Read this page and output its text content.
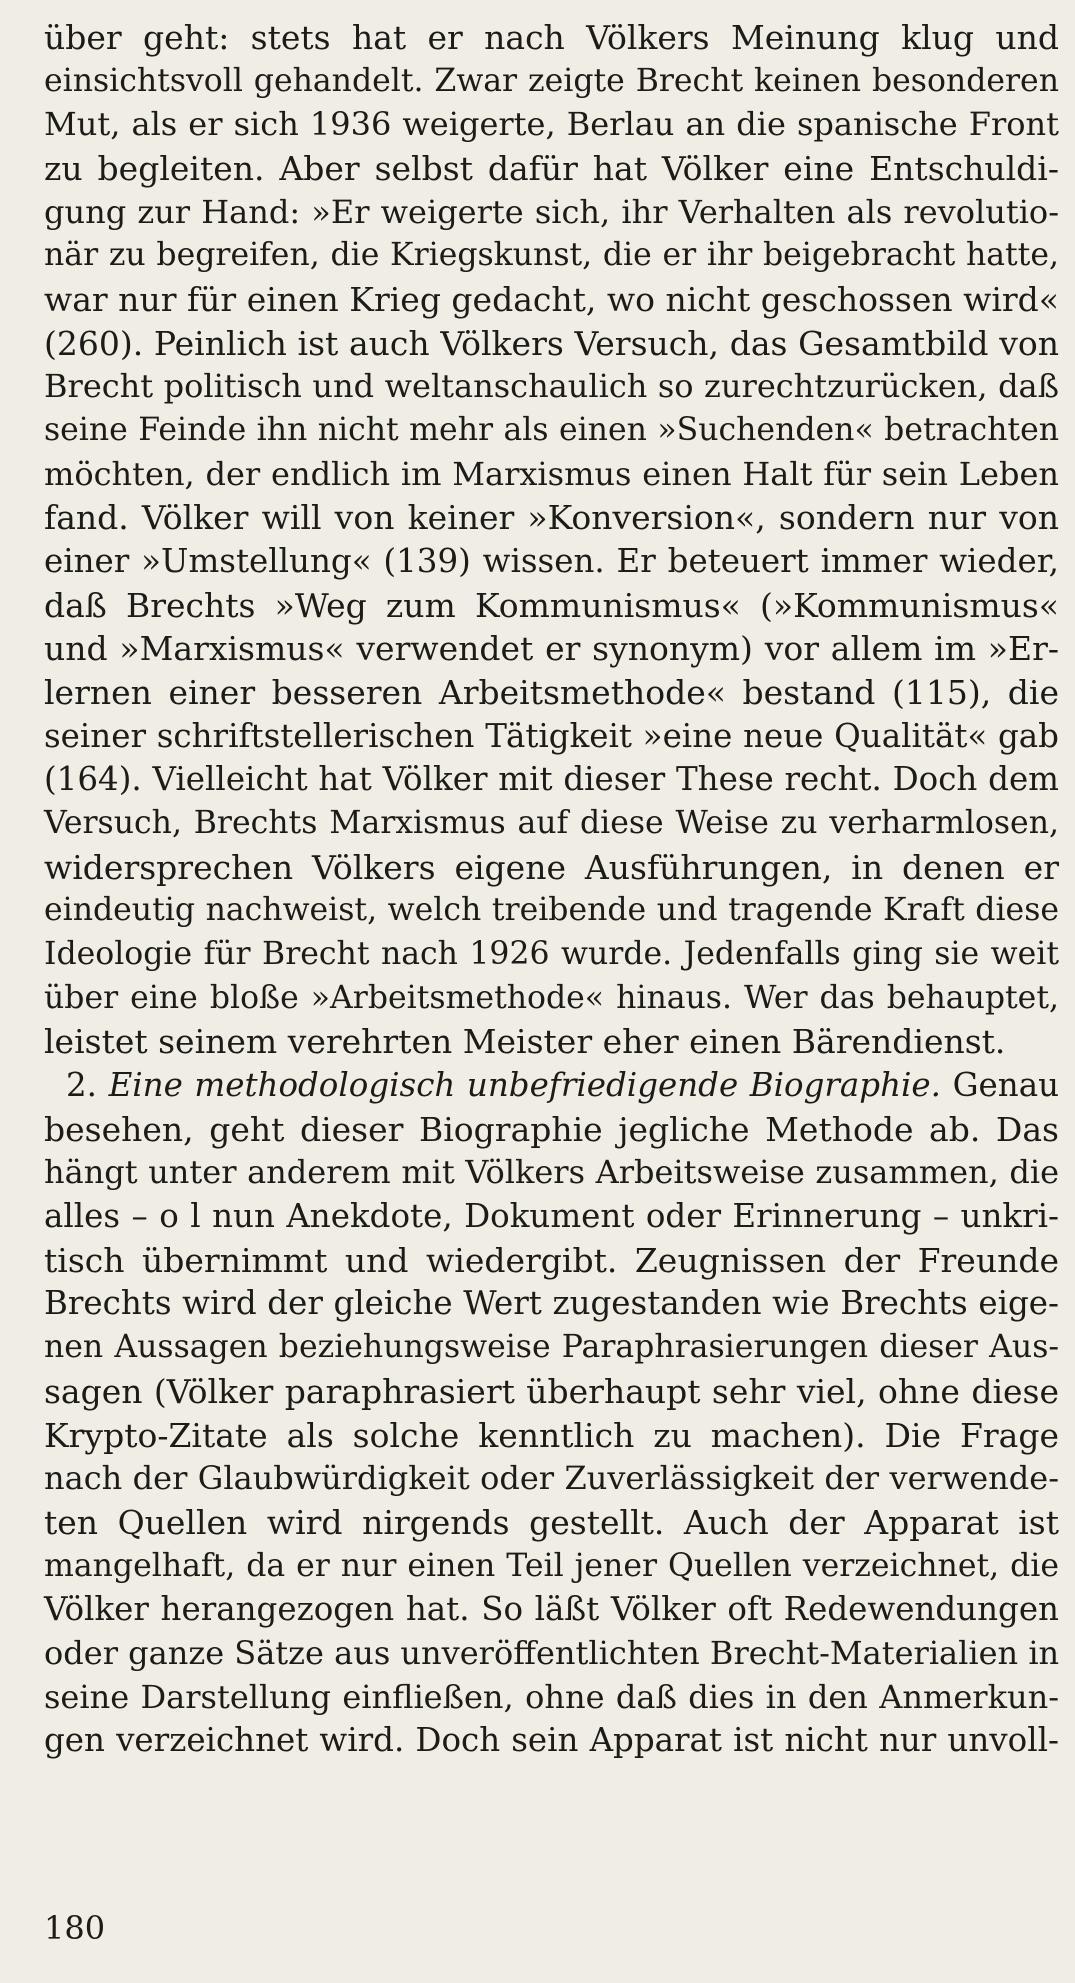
über geht: stets hat er nach Völkers Meinung klug und
einsichtsvoll gehandelt. Zwar zeigte Brecht keinen besonderen
Mut, als er sich 1936 weigerte, Berlau an die spanische Front
zu begleiten. Aber selbst dafür hat Völker eine Entschuldi-
gung zur Hand: »Er weigerte sich, ihr Verhalten als revolutio-
när zu begreifen, die Kriegskunst, die er ihr beigebracht hatte,
war nur für einen Krieg gedacht, wo nicht geschossen wird«
(260). Peinlich ist auch Völkers Versuch, das Gesamtbild von
Brecht politisch und weltanschaulich so zurechtzurücken, daß
seine Feinde ihn nicht mehr als einen »Suchenden« betrachten
möchten, der endlich im Marxismus einen Halt für sein Leben
fand. Völker will von keiner »Konversion«, sondern nur von
einer »Umstellung« (139) wissen. Er beteuert immer wieder,
daß Brechts »Weg zum Kommunismus« (»Kommunismus«
und »Marxismus« verwendet er synonym) vor allem im »Er-
lernen einer besseren Arbeitsmethode« bestand (115), die
seiner schriftstellerischen Tätigkeit »eine neue Qualität« gab
(164). Vielleicht hat Völker mit dieser These recht. Doch dem
Versuch, Brechts Marxismus auf diese Weise zu verharmlosen,
widersprechen Völkers eigene Ausführungen, in denen er
eindeutig nachweist, welch treibende und tragende Kraft diese
Ideologie für Brecht nach 1926 wurde. Jedenfalls ging sie weit
über eine bloße »Arbeitsmethode« hinaus. Wer das behauptet,
leistet seinem verehrten Meister eher einen Bärendienst.
2. Eine methodologisch unbefriedigende Biographie. Genau
besehen, geht dieser Biographie jegliche Methode ab. Das
hängt unter anderem mit Völkers Arbeitsweise zusammen, die
alles – o l nun Anekdote, Dokument oder Erinnerung – unkri-
tisch übernimmt und wiedergibt. Zeugnissen der Freunde
Brechts wird der gleiche Wert zugestanden wie Brechts eige-
nen Aussagen beziehungsweise Paraphrasierungen dieser Aus-
sagen (Völker paraphrasiert überhaupt sehr viel, ohne diese
Krypto-Zitate als solche kenntlich zu machen). Die Frage
nach der Glaubwürdigkeit oder Zuverlässigkeit der verwende-
ten Quellen wird nirgends gestellt. Auch der Apparat ist
mangelhaft, da er nur einen Teil jener Quellen verzeichnet, die
Völker herangezogen hat. So läßt Völker oft Redewendungen
oder ganze Sätze aus unveröffentlichten Brecht-Materialien in
seine Darstellung einfließen, ohne daß dies in den Anmerkun-
gen verzeichnet wird. Doch sein Apparat ist nicht nur unvoll-
180
